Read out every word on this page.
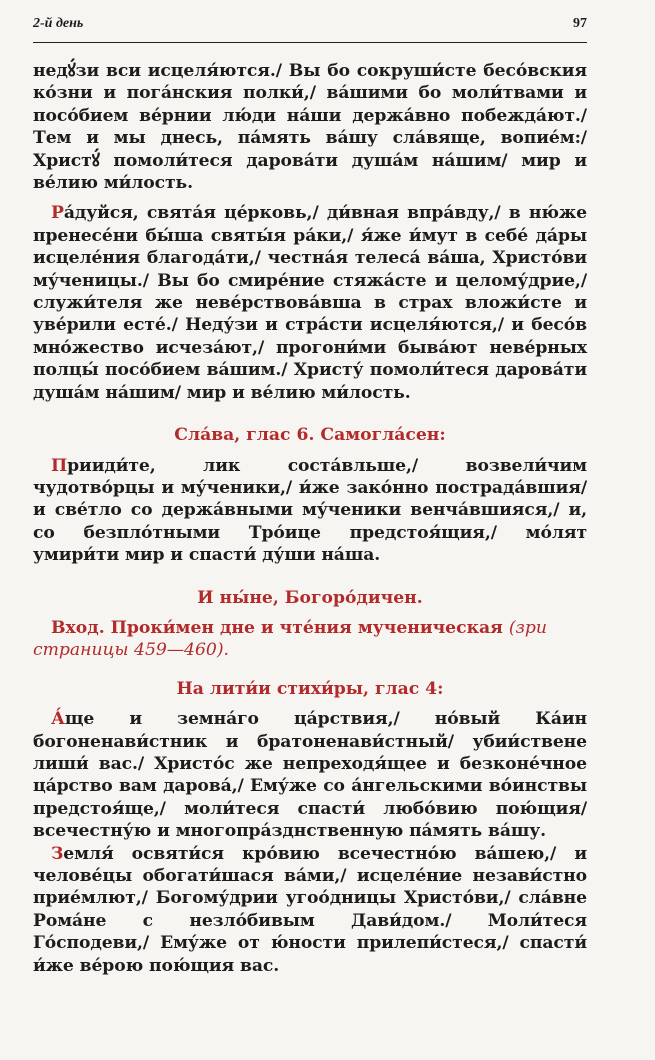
2-й день	97

недꙋ́зи вси исцеля́ются./ Вы бо сокруши́сте бесо́вския ко́зни и пога́нския полки́,/ ва́шими бо моли́твами и посо́бием ве́рнии лю́ди на́ши держа́вно побежда́ют./ Тем и мы днесь, па́мять ва́шу сла́вяще, вопие́м:/ Христꙋ́ помоли́теся дарова́ти душа́м на́шим/ мир и ве́лию ми́лость.

Ра́дуйся, свята́я це́рковь,/ ди́вная впра́вду,/ в ню́же пренесе́ни бы́ша святы́я ра́ки,/ я́же и́мут в себе́ да́ры исцеле́ния благода́ти,/ честна́я телеса́ ва́ша, Христо́ви му́ченицы./ Вы бо смире́ние стяжа́сте и целому́дрие,/ служи́теля же неве́рствова́вша в страх вложи́сте и уве́рили есте́./ Неду́зи и стра́сти исцеля́ются,/ и бесо́в мно́жество исчеза́ют,/ прогони́ми быва́ют неве́рных полцы́ посо́бием ва́шим./ Христу́ помоли́теся дарова́ти душа́м на́шим/ мир и ве́лию ми́лость.

Сла́ва, глас 6. Самогла́сен:

Прииди́те, лик соста́вльше,/ возвели́чим чудотво́рцы и му́ченики,/ и́же зако́нно пострада́вшия/ и све́тло со держа́вными му́ченики венча́вшияся,/ и, со безпло́тными Тро́ице предстоя́щия,/ мо́лят умири́ти мир и спасти́ ду́ши на́ша.

И ны́не, Богоро́дичен.

Вход. Проки́мен дне и чте́ния мученическая (зри страницы 459—460).

На лити́и стихи́ры, глас 4:

А́ще и земна́го ца́рствия,/ но́вый Ка́ин богоненави́стник и братоненави́стный/ убии́ствене лиши́ вас./ Христо́с же непреходя́щее и безконе́чное ца́рство вам дарова́,/ Ему́же со а́нгельскими во́инствы предстоя́ще,/ моли́теся спасти́ любо́вию пою́щия/ всечестну́ю и многопра́зднственную па́мять ва́шу.

Земля́ освяти́ся кро́вию всечестно́ю ва́шею,/ и челове́цы обогати́шася ва́ми,/ исцеле́ние незави́стно прие́млют,/ Богому́дрии угоо́дницы Христо́ви,/ сла́вне Рома́не с незло́бивым Дави́дом./ Моли́теся Го́сподеви,/ Ему́же от ю́ности прилепи́стеся,/ спасти́ и́же ве́рою пою́щия вас.
